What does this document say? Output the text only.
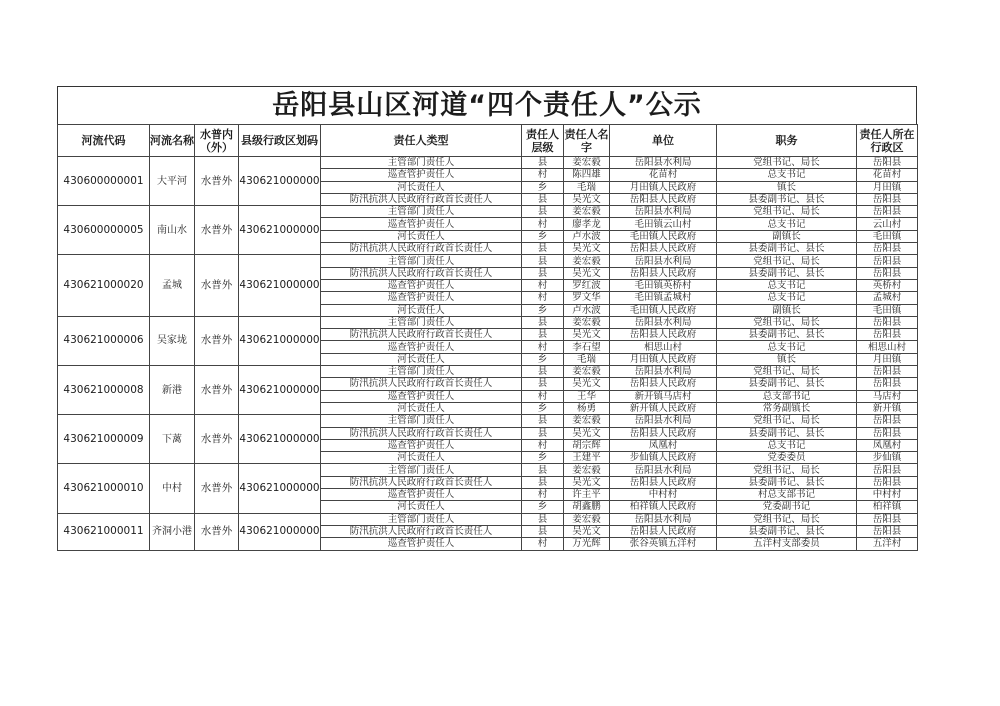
岳阳县山区河道“四个责任人”公示
河流代码	河流名称	水普内（外）	县级行政区划码	责任人类型	责任人层级	责任人名字	单位	职务	责任人所在行政区
430600000001	大平河	水普外	430621000000	主管部门责任人	县	姜宏毅	岳阳县水利局	党组书记、局长	岳阳县
				巡查管护责任人	村	陈四雄	花苗村	总支书记	花苗村
				河长责任人	乡	毛瑞	月田镇人民政府	镇长	月田镇
				防汛抗洪人民政府行政首长责任人	县	吴光文	岳阳县人民政府	县委副书记、县长	岳阳县
430600000005	南山水	水普外	430621000000	主管部门责任人	县	姜宏毅	岳阳县水利局	党组书记、局长	岳阳县
				巡查管护责任人	村	廖孝龙	毛田镇云山村	总支书记	云山村
				河长责任人	乡	卢水波	毛田镇人民政府	副镇长	毛田镇
				防汛抗洪人民政府行政首长责任人	县	吴光文	岳阳县人民政府	县委副书记、县长	岳阳县
430621000020	孟城	水普外	430621000000	主管部门责任人	县	姜宏毅	岳阳县水利局	党组书记、局长	岳阳县
				防汛抗洪人民政府行政首长责任人	县	吴光文	岳阳县人民政府	县委副书记、县长	岳阳县
				巡查管护责任人	村	罗红波	毛田镇英桥村	总支书记	英桥村
				巡查管护责任人	村	罗文华	毛田镇孟城村	总支书记	孟城村
				河长责任人	乡	卢水波	毛田镇人民政府	副镇长	毛田镇
430621000006	吴家垅	水普外	430621000000	主管部门责任人	县	姜宏毅	岳阳县水利局	党组书记、局长	岳阳县
				防汛抗洪人民政府行政首长责任人	县	吴光文	岳阳县人民政府	县委副书记、县长	岳阳县
				巡查管护责任人	村	李石望	相思山村	总支书记	相思山村
				河长责任人	乡	毛瑞	月田镇人民政府	镇长	月田镇
430621000008	新港	水普外	430621000000	主管部门责任人	县	姜宏毅	岳阳县水利局	党组书记、局长	岳阳县
				防汛抗洪人民政府行政首长责任人	县	吴光文	岳阳县人民政府	县委副书记、县长	岳阳县
				巡查管护责任人	村	王华	新开镇马店村	总支部书记	马店村
				河长责任人	乡	杨勇	新开镇人民政府	常务副镇长	新开镇
430621000009	下蓠	水普外	430621000000	主管部门责任人	县	姜宏毅	岳阳县水利局	党组书记、局长	岳阳县
				防汛抗洪人民政府行政首长责任人	县	吴光文	岳阳县人民政府	县委副书记、县长	岳阳县
				巡查管护责任人	村	胡宗辉	凤凰村	总支书记	凤凰村
				河长责任人	乡	王建平	步仙镇人民政府	党委委员	步仙镇
430621000010	中村	水普外	430621000000	主管部门责任人	县	姜宏毅	岳阳县水利局	党组书记、局长	岳阳县
				防汛抗洪人民政府行政首长责任人	县	吴光文	岳阳县人民政府	县委副书记、县长	岳阳县
				巡查管护责任人	村	许主平	中村村	村总支部书记	中村村
				河长责任人	乡	胡鑫鹏	柏祥镇人民政府	党委副书记	柏祥镇
430621000011	齐洞小港	水普外	430621000000	主管部门责任人	县	姜宏毅	岳阳县水利局	党组书记、局长	岳阳县
				防汛抗洪人民政府行政首长责任人	县	吴光文	岳阳县人民政府	县委副书记、县长	岳阳县
				巡查管护责任人	村	万光辉	张谷英镇五洋村	五洋村支部委员	五洋村
